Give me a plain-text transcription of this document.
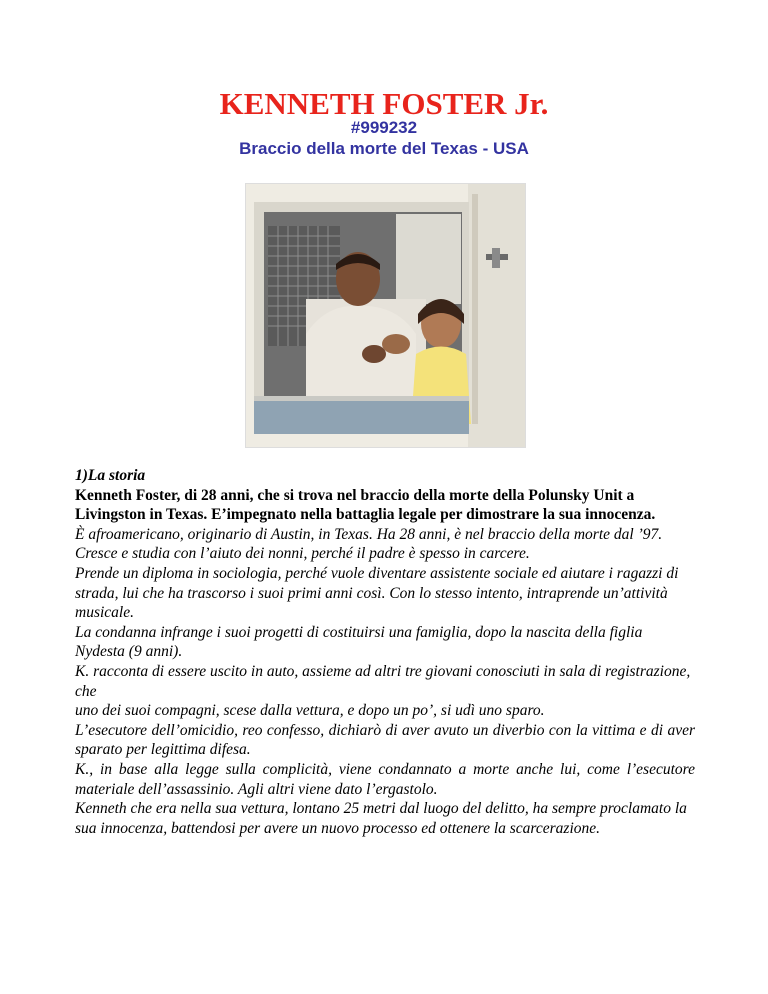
KENNETH FOSTER Jr.
#999232
Braccio della morte del Texas - USA

1)La storia

Kenneth Foster, di 28 anni, che si trova nel braccio della morte della Polunsky Unit a Livingston in Texas. E’impegnato nella battaglia legale per dimostrare la sua innocenza.

È afroamericano, originario di Austin, in Texas. Ha 28 anni, è nel braccio della morte dal ’97.

Cresce e studia con l’aiuto dei nonni, perché il padre è spesso in carcere.

Prende un diploma in sociologia, perché vuole diventare assistente sociale ed aiutare i ragazzi di strada, lui che ha trascorso i suoi primi anni così. Con lo stesso intento, intraprende un’attività musicale.

La condanna infrange i suoi progetti di costituirsi una famiglia, dopo la nascita della figlia Nydesta (9 anni).

K. racconta di essere uscito in auto, assieme ad altri tre giovani conosciuti in sala di registrazione, che

uno dei suoi compagni, scese dalla vettura, e dopo un po’, si udì uno sparo.

L’esecutore dell’omicidio, reo confesso, dichiarò di aver avuto un diverbio con la vittima e di aver sparato per legittima difesa.

K., in base alla legge sulla complicità, viene condannato a morte anche lui, come l’esecutore materiale dell’assassinio. Agli altri viene dato l’ergastolo.

Kenneth che era nella sua vettura, lontano 25 metri dal luogo del delitto, ha sempre proclamato la sua innocenza, battendosi per avere un nuovo processo ed ottenere la scarcerazione.
